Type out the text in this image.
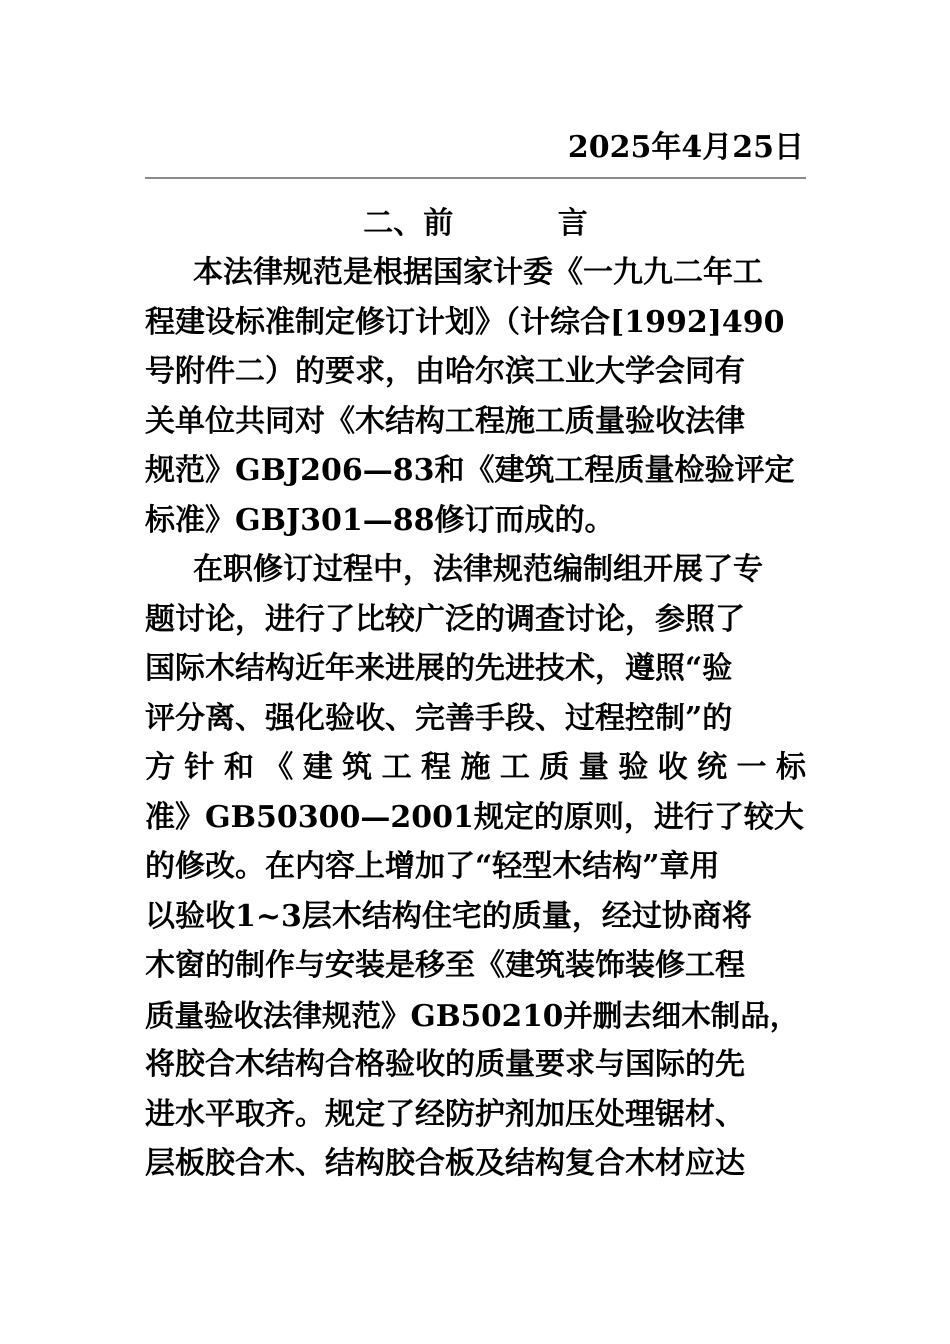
2025年4月25日
二、前          言
本法律规范是根据国家计委《一九九二年工
程建设标准制定修订计划》（计综合[1992]490
号附件二）的要求，由哈尔滨工业大学会同有
关单位共同对《木结构工程施工质量验收法律
规范》GBJ206—83和《建筑工程质量检验评定
标准》GBJ301—88修订而成的。
在职修订过程中，法律规范编制组开展了专
题讨论，进行了比较广泛的调查讨论，参照了
国际木结构近年来进展的先进技术，遵照“验
评分离、强化验收、完善手段、过程控制”的
方针和《建筑工程施工质量验收统一标
准》GB50300—2001规定的原则，进行了较大
的修改。在内容上增加了“轻型木结构”章用
以验收1~3层木结构住宅的质量，经过协商将
木窗的制作与安装是移至《建筑装饰装修工程
质量验收法律规范》GB50210并删去细木制品，
将胶合木结构合格验收的质量要求与国际的先
进水平取齐。规定了经防护剂加压处理锯材、
层板胶合木、结构胶合板及结构复合木材应达
